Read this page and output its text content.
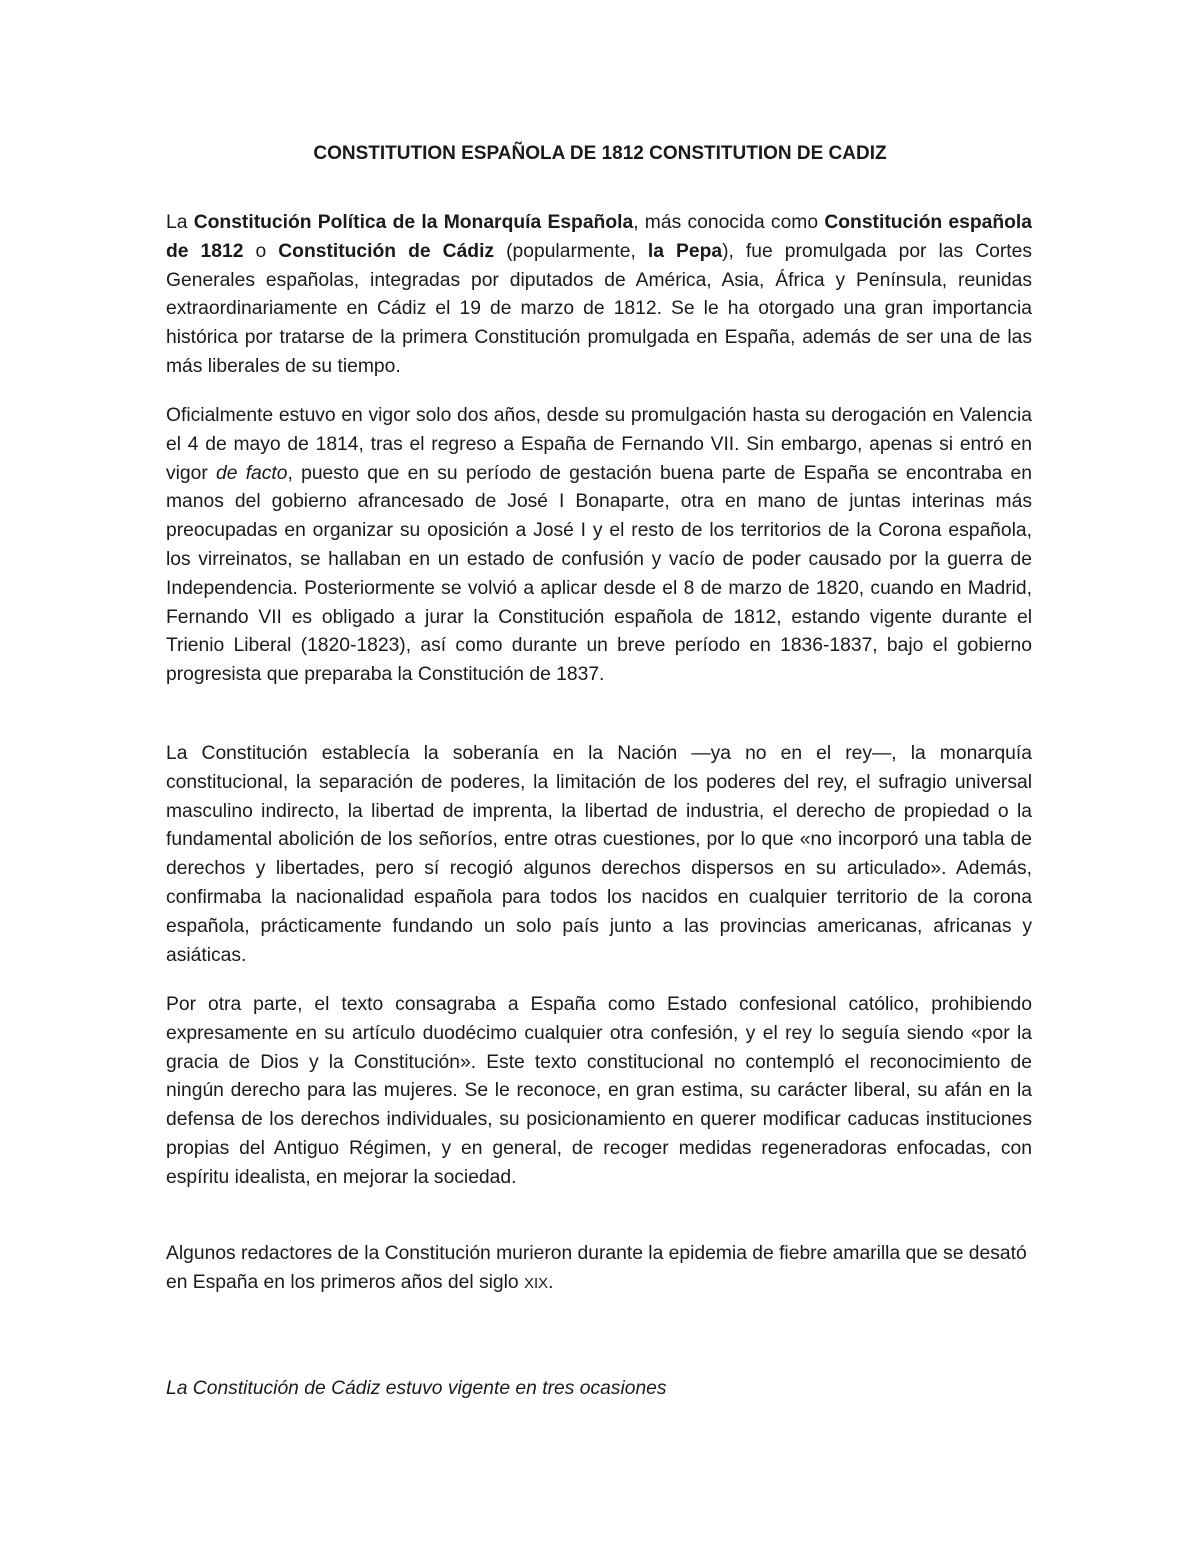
CONSTITUTION ESPAÑOLA DE 1812 CONSTITUTION DE CADIZ

La Constitución Política de la Monarquía Española, más conocida como Constitución española de 1812 o Constitución de Cádiz (popularmente, la Pepa), fue promulgada por las Cortes Generales españolas, integradas por diputados de América, Asia, África y Península, reunidas extraordinariamente en Cádiz el 19 de marzo de 1812. Se le ha otorgado una gran importancia histórica por tratarse de la primera Constitución promulgada en España, además de ser una de las más liberales de su tiempo.

Oficialmente estuvo en vigor solo dos años, desde su promulgación hasta su derogación en Valencia el 4 de mayo de 1814, tras el regreso a España de Fernando VII. Sin embargo, apenas si entró en vigor de facto, puesto que en su período de gestación buena parte de España se encontraba en manos del gobierno afrancesado de José I Bonaparte, otra en mano de juntas interinas más preocupadas en organizar su oposición a José I y el resto de los territorios de la Corona española, los virreinatos, se hallaban en un estado de confusión y vacío de poder causado por la guerra de Independencia. Posteriormente se volvió a aplicar desde el 8 de marzo de 1820, cuando en Madrid, Fernando VII es obligado a jurar la Constitución española de 1812, estando vigente durante el Trienio Liberal (1820-1823), así como durante un breve período en 1836-1837, bajo el gobierno progresista que preparaba la Constitución de 1837.

La Constitución establecía la soberanía en la Nación —ya no en el rey—, la monarquía constitucional, la separación de poderes, la limitación de los poderes del rey, el sufragio universal masculino indirecto, la libertad de imprenta, la libertad de industria, el derecho de propiedad o la fundamental abolición de los señoríos, entre otras cuestiones, por lo que «no incorporó una tabla de derechos y libertades, pero sí recogió algunos derechos dispersos en su articulado». Además, confirmaba la nacionalidad española para todos los nacidos en cualquier territorio de la corona española, prácticamente fundando un solo país junto a las provincias americanas, africanas y asiáticas.

Por otra parte, el texto consagraba a España como Estado confesional católico, prohibiendo expresamente en su artículo duodécimo cualquier otra confesión, y el rey lo seguía siendo «por la gracia de Dios y la Constitución». Este texto constitucional no contempló el reconocimiento de ningún derecho para las mujeres. Se le reconoce, en gran estima, su carácter liberal, su afán en la defensa de los derechos individuales, su posicionamiento en querer modificar caducas instituciones propias del Antiguo Régimen, y en general, de recoger medidas regeneradoras enfocadas, con espíritu idealista, en mejorar la sociedad.

Algunos redactores de la Constitución murieron durante la epidemia de fiebre amarilla que se desató en España en los primeros años del siglo XIX.

La Constitución de Cádiz estuvo vigente en tres ocasiones
